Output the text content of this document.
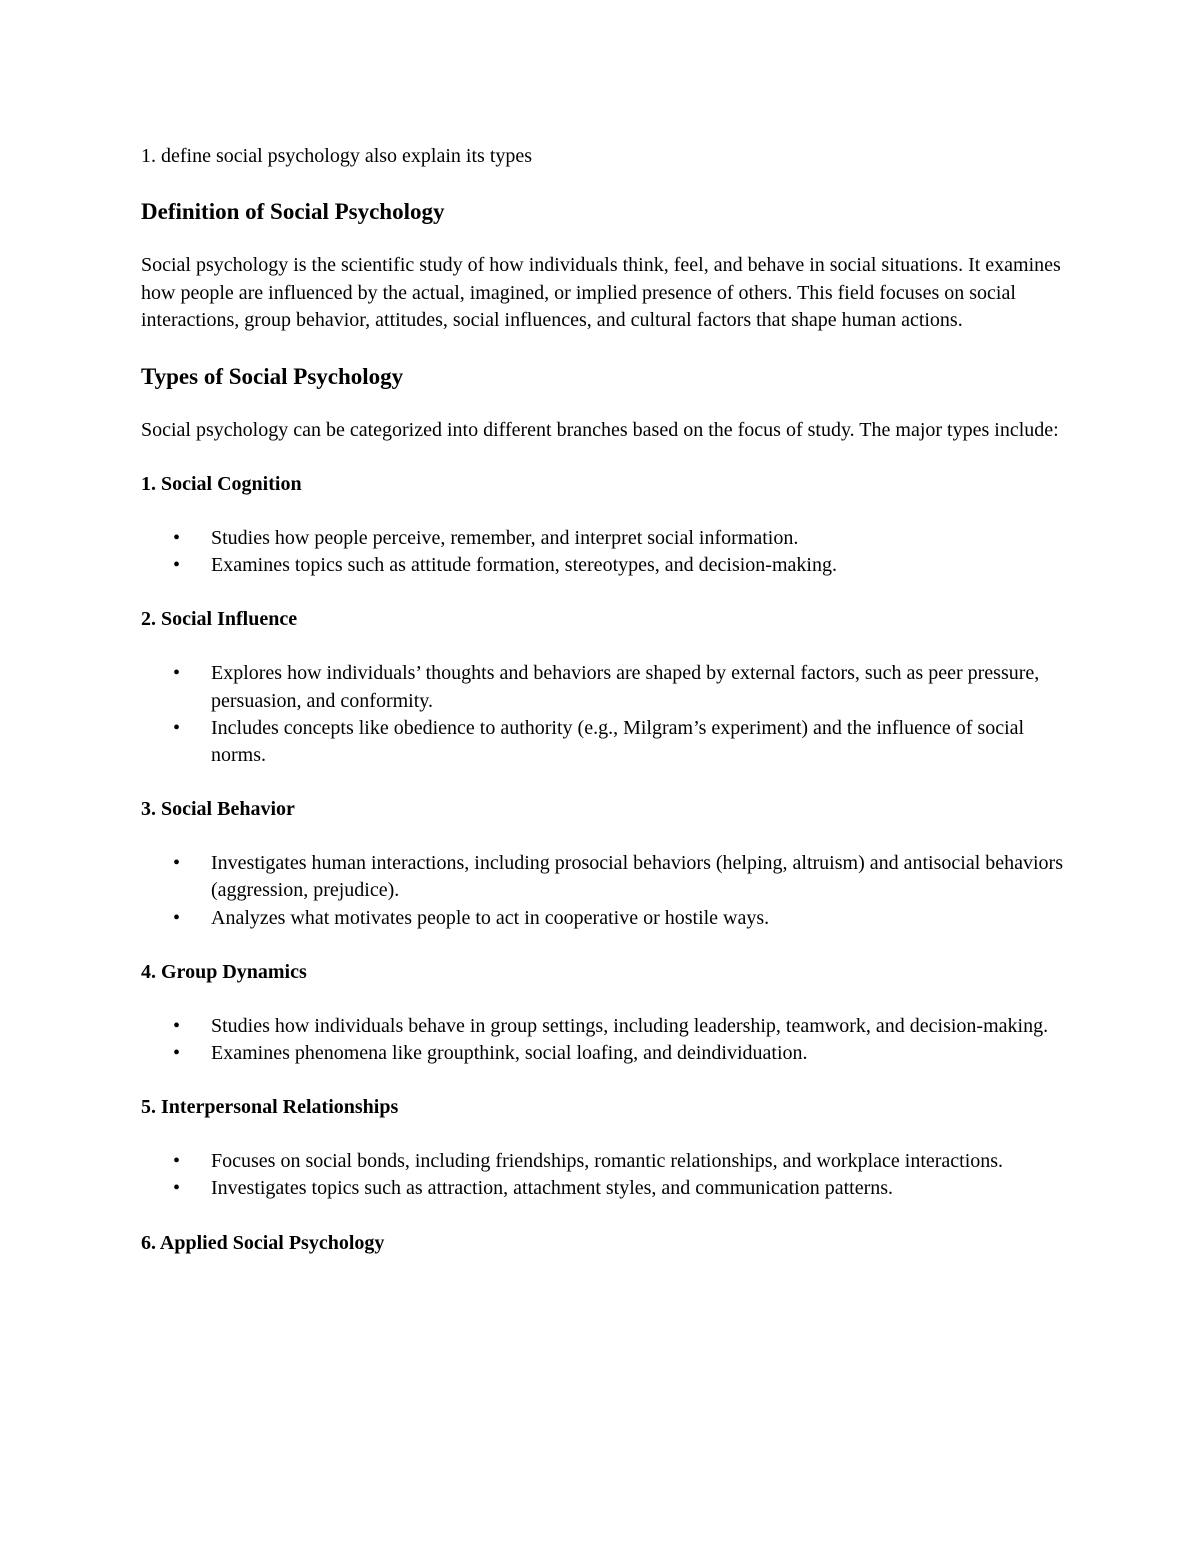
1. define social psychology also explain its types

Definition of Social Psychology

Social psychology is the scientific study of how individuals think, feel, and behave in social situations. It examines how people are influenced by the actual, imagined, or implied presence of others. This field focuses on social interactions, group behavior, attitudes, social influences, and cultural factors that shape human actions.

Types of Social Psychology

Social psychology can be categorized into different branches based on the focus of study. The major types include:

1. Social Cognition
• Studies how people perceive, remember, and interpret social information.
• Examines topics such as attitude formation, stereotypes, and decision-making.
2. Social Influence
• Explores how individuals’ thoughts and behaviors are shaped by external factors, such as peer pressure, persuasion, and conformity.
• Includes concepts like obedience to authority (e.g., Milgram’s experiment) and the influence of social norms.
3. Social Behavior
• Investigates human interactions, including prosocial behaviors (helping, altruism) and antisocial behaviors (aggression, prejudice).
• Analyzes what motivates people to act in cooperative or hostile ways.
4. Group Dynamics
• Studies how individuals behave in group settings, including leadership, teamwork, and decision-making.
• Examines phenomena like groupthink, social loafing, and deindividuation.
5. Interpersonal Relationships
• Focuses on social bonds, including friendships, romantic relationships, and workplace interactions.
• Investigates topics such as attraction, attachment styles, and communication patterns.
6. Applied Social Psychology
